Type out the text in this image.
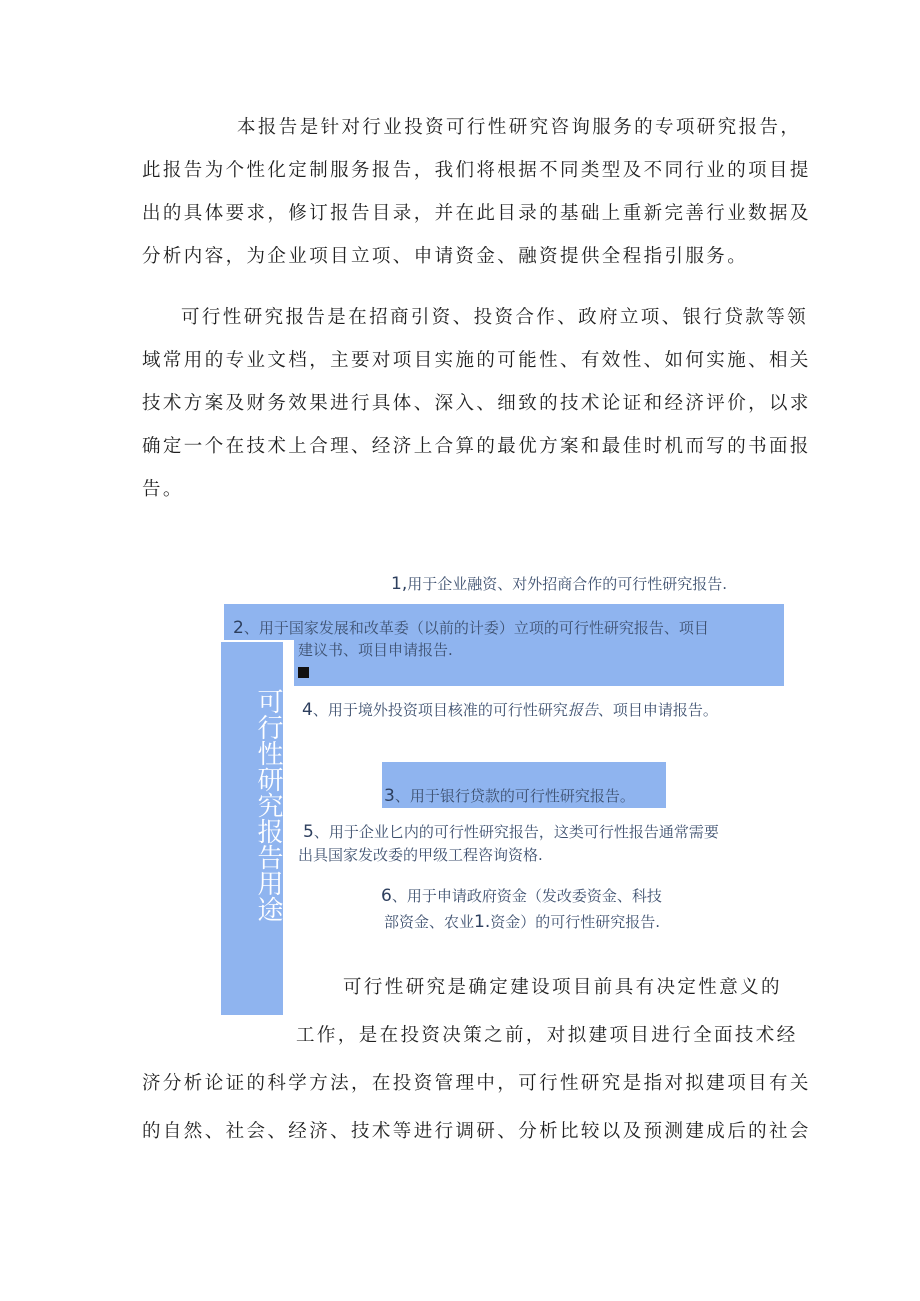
本报告是针对行业投资可行性研究咨询服务的专项研究报告，
此报告为个性化定制服务报告，我们将根据不同类型及不同行业的项目提
出的具体要求，修订报告目录，并在此目录的基础上重新完善行业数据及
分析内容，为企业项目立项、申请资金、融资提供全程指引服务。
可行性研究报告是在招商引资、投资合作、政府立项、银行贷款等领
域常用的专业文档，主要对项目实施的可能性、有效性、如何实施、相关
技术方案及财务效果进行具体、深入、细致的技术论证和经济评价，以求
确定一个在技术上合理、经济上合算的最优方案和最佳时机而写的书面报
告。
1,用于企业融资、对外招商合作的可行性研究报告.
2、用于国家发展和改革委（以前的计委）立项的可行性研究报告、项目
建议书、项目申请报告.
可行性研究报告用途 4、用于境外投资项目核准的可行性研究报告、项目申请报告。
3、用于银行贷款的可行性研究报告。
5、用于企业匕内的可行性研究报告，这类可行性报告通常需要
出具国家发改委的甲级工程咨询资格.
6、用于申请政府资金（发改委资金、科技
部资金、农业1.资金）的可行性研究报告.
可行性研究是确定建设项目前具有决定性意义的
工作，是在投资决策之前，对拟建项目进行全面技术经
济分析论证的科学方法，在投资管理中，可行性研究是指对拟建项目有关
的自然、社会、经济、技术等进行调研、分析比较以及预测建成后的社会
